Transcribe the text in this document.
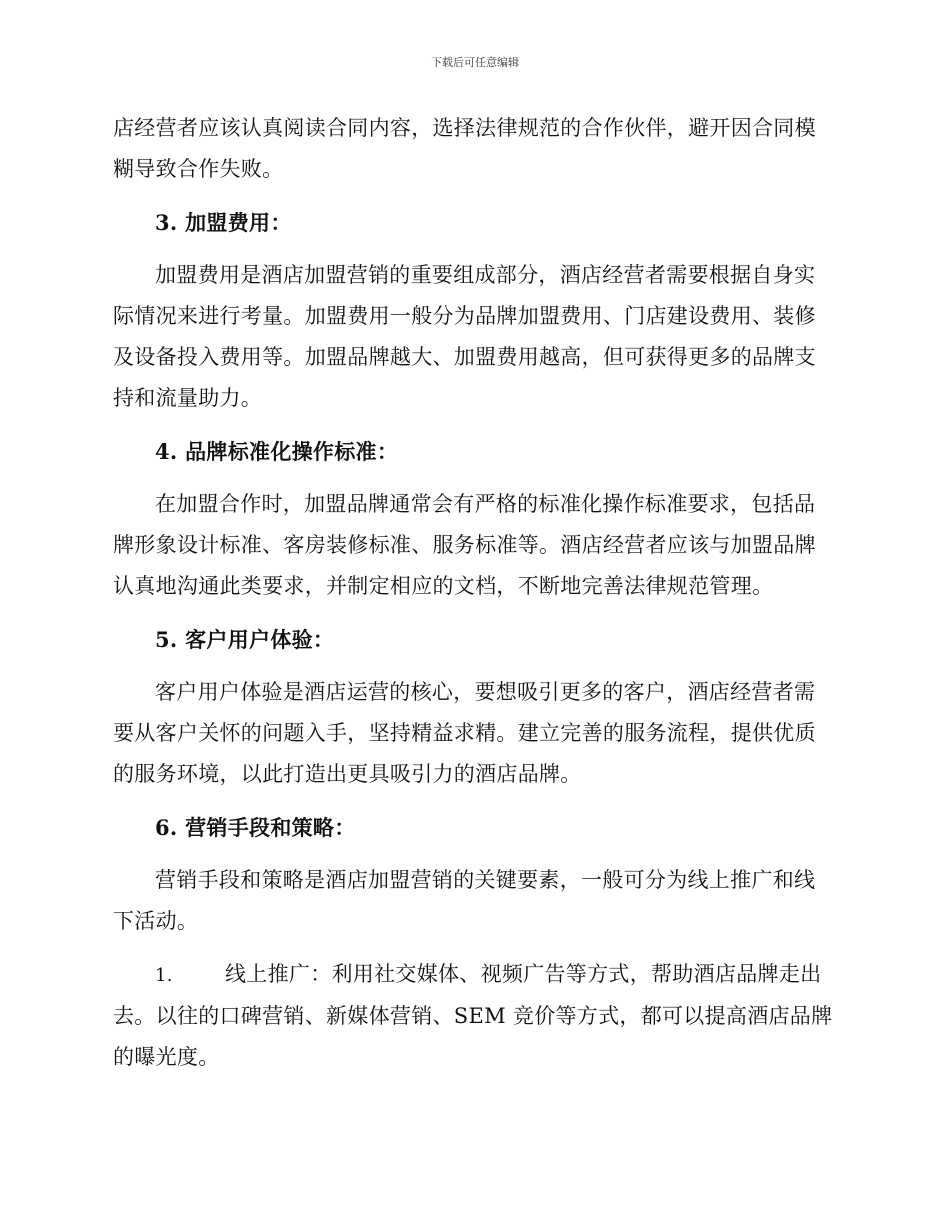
下载后可任意编辑

店经营者应该认真阅读合同内容，选择法律规范的合作伙伴，避开因合同模糊导致合作失败。

3. 加盟费用：

加盟费用是酒店加盟营销的重要组成部分，酒店经营者需要根据自身实际情况来进行考量。加盟费用一般分为品牌加盟费用、门店建设费用、装修及设备投入费用等。加盟品牌越大、加盟费用越高，但可获得更多的品牌支持和流量助力。

4. 品牌标准化操作标准：

在加盟合作时，加盟品牌通常会有严格的标准化操作标准要求，包括品牌形象设计标准、客房装修标准、服务标准等。酒店经营者应该与加盟品牌认真地沟通此类要求，并制定相应的文档，不断地完善法律规范管理。

5. 客户用户体验：

客户用户体验是酒店运营的核心，要想吸引更多的客户，酒店经营者需要从客户关怀的问题入手，坚持精益求精。建立完善的服务流程，提供优质的服务环境，以此打造出更具吸引力的酒店品牌。

6. 营销手段和策略：

营销手段和策略是酒店加盟营销的关键要素，一般可分为线上推广和线下活动。

1. 线上推广：利用社交媒体、视频广告等方式，帮助酒店品牌走出去。以往的口碑营销、新媒体营销、SEM 竞价等方式，都可以提高酒店品牌的曝光度。
